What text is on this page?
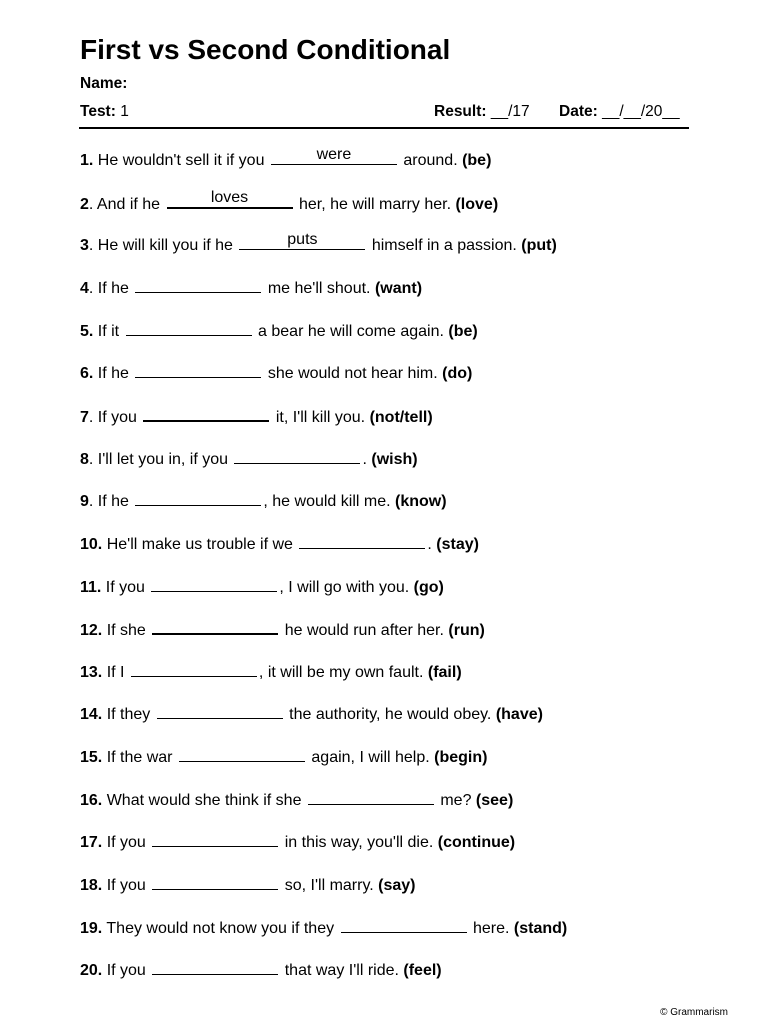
First vs Second Conditional
Name:
Test: 1	Result: __/17 Date: __/__/20__
1. He wouldn't sell it if you	were	around. (be)
2. And if he	loves	her, he will marry her. (love)
3. He will kill you if he	puts	himself in a passion. (put)
4. If he	me he'll shout. (want)
5. If it	a bear he will come again. (be)
6. If he	she would not hear him. (do)
7. If you	it, I'll kill you. (not/tell)
8. I'll let you in, if you	. (wish)
9. If he	, he would kill me. (know)
10. He'll make us trouble if we	. (stay)
11. If you	, I will go with you. (go)
12. If she	he would run after her. (run)
13. If I	, it will be my own fault. (fail)
14. If they	the authority, he would obey. (have)
15. If the war	again, I will help. (begin)
16. What would she think if she	me? (see)
17. If you	in this way, you'll die. (continue)
18. If you	so, I'll marry. (say)
19. They would not know you if they	here. (stand)
20. If you	that way I'll ride. (feel)
© Grammarism
